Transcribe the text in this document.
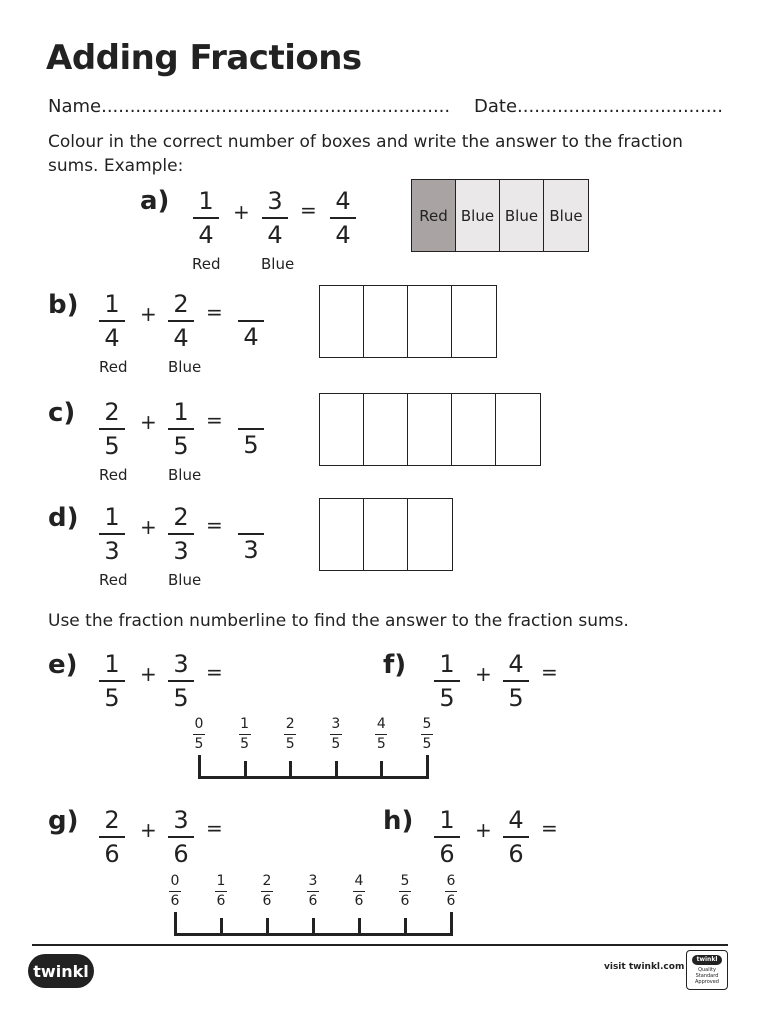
Adding Fractions
Name............................................................. Date....................................
Colour in the correct number of boxes and write the answer to the fraction sums. Example:
a)	1
4
+ 3
4
= 4
4
Red	Blue
Red Blue Blue Blue
b)	1
4
+ 2
4
=
4
Red	Blue
c)	2
5
+ 1
5
=
5
Red	Blue
d)	1
3
+ 2
3
=
3
Red	Blue
Use the fraction numberline to find the answer to the fraction sums.
e)	1
5
+ 3
5
=	f)	1
5
+ 4
5
=
0
5
1
5
2
5
3
5
4
5
5
5
g)	2
6
+ 3
6
=	h)	1
6
+ 4
6
=
0
6
1
6
2
6
3
6
4
6
5
6
6
6
twinkl	visit twinkl.com
twinkl
Quality Standard Approved
